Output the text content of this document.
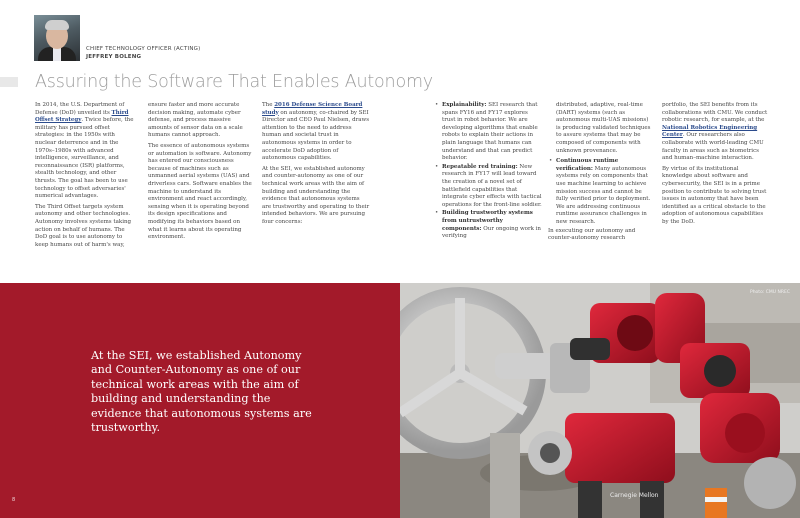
CHIEF TECHNOLOGY OFFICER (ACTING)
JEFFREY BOLENG
Assuring the Software That Enables Autonomy

In 2014, the U.S. Department of Defense (DoD) unveiled its Third Offset Strategy. Twice before, the military has pursued offset strategies: in the 1950s with nuclear deterrence and in the 1970s–1980s with advanced intelligence, surveillance, and reconnaissance (ISR) platforms, stealth technology, and other thrusts. The goal has been to use technology to offset adversaries' numerical advantages.

The Third Offset targets system autonomy and other technologies. Autonomy involves systems taking action on behalf of humans. The DoD goal is to use autonomy to keep humans out of harm's way,

ensure faster and more accurate decision making, automate cyber defense, and process massive amounts of sensor data on a scale humans cannot approach.

The essence of autonomous systems or automation is software. Autonomy has entered our consciousness because of machines such as unmanned aerial systems (UAS) and driverless cars. Software enables the machine to understand its environment and react accordingly, sensing when it is operating beyond its design specifications and modifying its behaviors based on what it learns about its operating environment.

The 2016 Defense Science Board study on autonomy, co-chaired by SEI Director and CEO Paul Nielsen, draws attention to the need to address human and societal trust in autonomous systems in order to accelerate DoD adoption of autonomous capabilities.

At the SEI, we established autonomy and counter-autonomy as one of our technical work areas with the aim of building and understanding the evidence that autonomous systems are trustworthy and operating to their intended behaviors. We are pursuing four concerns:

• Explainability: SEI research that spans FY16 and FY17 explores trust in robot behavior. We are developing algorithms that enable robots to explain their actions in plain language that humans can understand and that can predict behavior.
• Repeatable red training: New research in FY17 will lead toward the creation of a novel set of battlefield capabilities that integrate cyber effects with tactical operations for the front-line soldier.
• Building trustworthy systems from untrustworthy components: Our ongoing work in verifying

distributed, adaptive, real-time (DART) systems (such as autonomous multi-UAS missions) is producing validated techniques to assure systems that may be composed of components with unknown provenance.

• Continuous runtime verification: Many autonomous systems rely on components that use machine learning to achieve mission success and cannot be fully verified prior to deployment. We are addressing continuous runtime assurance challenges in new research.

In executing our autonomy and counter-autonomy research

portfolio, the SEI benefits from its collaborations with CMU. We conduct robotic research, for example, at the National Robotics Engineering Center. Our researchers also collaborate with world-leading CMU faculty in areas such as biometrics and human–machine interaction.

By virtue of its institutional knowledge about software and cybersecurity, the SEI is in a prime position to contribute to solving trust issues in autonomy that have been identified as a critical obstacle to the adoption of autonomous capabilities by the DoD.

At the SEI, we established Autonomy and Counter-Autonomy as one of our technical work areas with the aim of building and understanding the evidence that autonomous systems are trustworthy.
8
Carnegie Mellon
Photo: CMU NREC
